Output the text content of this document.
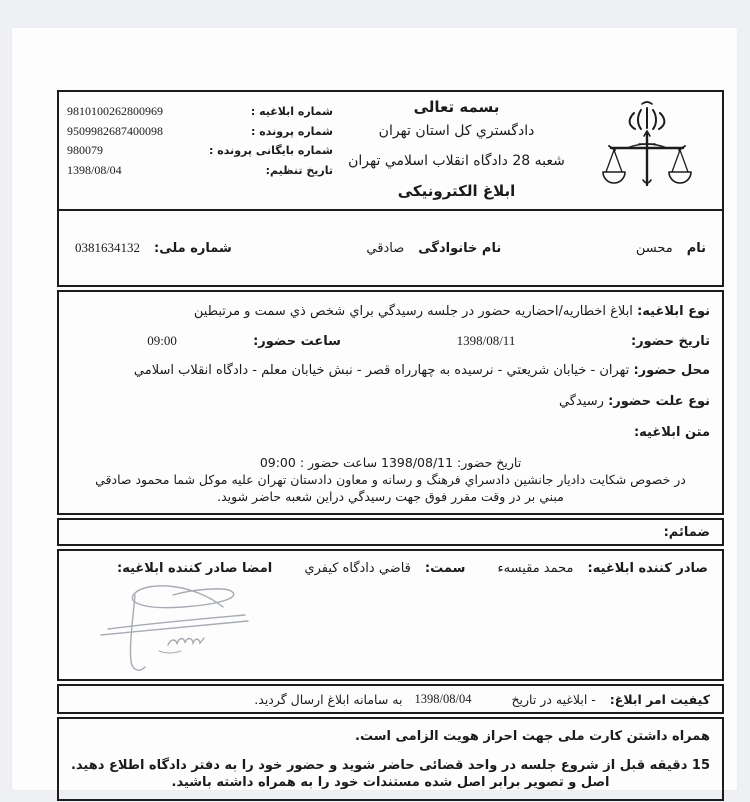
بسمه تعالی
دادگستري کل استان تهران
شعبه 28 دادگاه انقلاب اسلامي تهران
ابلاغ الکترونیکی
شماره ابلاغیه :
9810100262800969
شماره پرونده :
9509982687400098
شماره بایگانی پرونده :
980079
تاریخ تنظیم:
1398/08/04
نام
محسن
نام خانوادگی
صادقي
شماره ملی:
0381634132
نوع ابلاغیه: ابلاغ اخطاریه/احضاریه حضور در جلسه رسیدگي براي شخص ذي سمت و مرتبطین
تاریخ حضور:
1398/08/11
ساعت حضور:
09:00
محل حضور: تهران - خیابان شریعتي - نرسیده به چهارراه قصر - نبش خیابان معلم - دادگاه انقلاب اسلامي
نوع علت حضور: رسیدگي
متن ابلاغیه:
تاریخ حضور: 1398/08/11 ساعت حضور : 09:00
در خصوص شکایت دادیار جانشین دادسراي فرهنگ و رسانه و معاون دادستان تهران علیه موکل شما محمود صادقي
مبني بر در وقت مقرر فوق جهت رسیدگي دراین شعبه حاضر شوید.
ضمائم:
صادر کننده ابلاغیه:
محمد مقیسهء
سمت:
قاضي دادگاه کیفري
امضا صادر کننده ابلاغیه:
کیفیت امر ابلاغ:
- ابلاغیه در تاریخ
1398/08/04
به سامانه ابلاغ ارسال گردید.
همراه داشتن کارت ملی جهت احراز هویت الزامی است.
15 دقیقه قبل از شروع جلسه در واحد قضائی حاضر شوید و حضور خود را به دفتر دادگاه اطلاع دهید.
اصل و تصویر برابر اصل شده مستندات خود را به همراه داشته باشید.
